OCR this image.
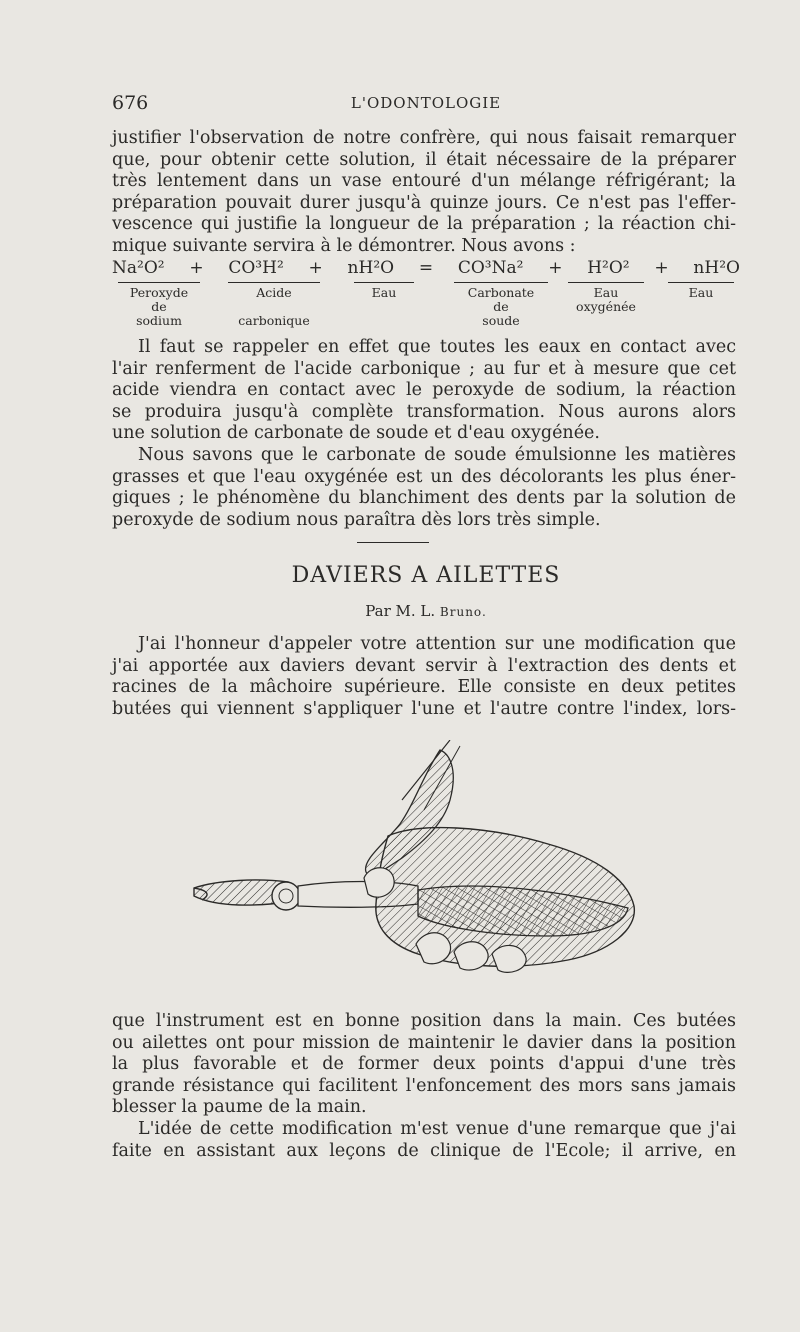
676	L'ODONTOLOGIE

justifier l'observation de notre confrère, qui nous faisait remarquer

que, pour obtenir cette solution, il était nécessaire de la préparer

très lentement dans un vase entouré d'un mélange réfrigérant; la

préparation pouvait durer jusqu'à quinze jours. Ce n'est pas l'effer-

vescence qui justifie la longueur de la préparation ; la réaction chi-

mique suivante servira à le démontrer. Nous avons :

Na²O² + CO³H² + nH²O = CO³Na² + H²O² + nH²O
Peroxyde
de
sodium
Acide
carbonique
Eau	Carbonate
de
soude
Eau
oxygénée
Eau

Il faut se rappeler en effet que toutes les eaux en contact avec

l'air renferment de l'acide carbonique ; au fur et à mesure que cet

acide viendra en contact avec le peroxyde de sodium, la réaction

se produira jusqu'à complète transformation. Nous aurons alors

une solution de carbonate de soude et d'eau oxygénée.

Nous savons que le carbonate de soude émulsionne les matières

grasses et que l'eau oxygénée est un des décolorants les plus éner-

giques ; le phénomène du blanchiment des dents par la solution de

peroxyde de sodium nous paraîtra dès lors très simple.

DAVIERS A AILETTES
Par M. L. Bruno.

J'ai l'honneur d'appeler votre attention sur une modification que

j'ai apportée aux daviers devant servir à l'extraction des dents et

racines de la mâchoire supérieure. Elle consiste en deux petites

butées qui viennent s'appliquer l'une et l'autre contre l'index, lors-

que l'instrument est en bonne position dans la main. Ces butées

ou ailettes ont pour mission de maintenir le davier dans la position

la plus favorable et de former deux points d'appui d'une très

grande résistance qui facilitent l'enfoncement des mors sans jamais

blesser la paume de la main.

L'idée de cette modification m'est venue d'une remarque que j'ai

faite en assistant aux leçons de clinique de l'Ecole; il arrive, en
